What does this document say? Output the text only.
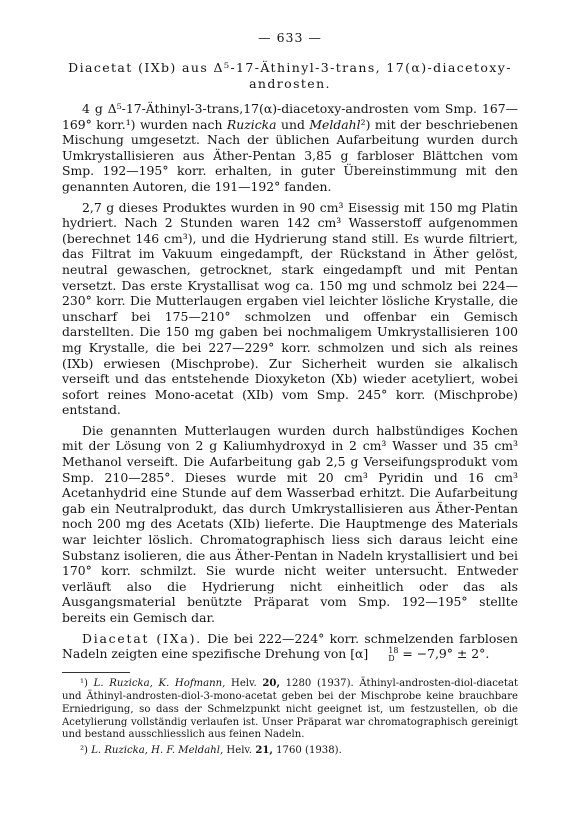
— 633 —
Diacetat (IXb) aus Δ⁵-17-Äthinyl-3-trans, 17(α)-diacetoxy-
androsten.

4 g Δ⁵-17-Äthinyl-3-trans,17(α)-diacetoxy-androsten vom Smp. 167—169° korr.¹) wurden nach Ruzicka und Meldahl²) mit der beschriebenen Mischung umgesetzt. Nach der üblichen Aufarbeitung wurden durch Umkrystallisieren aus Äther-Pentan 3,85 g farbloser Blättchen vom Smp. 192—195° korr. erhalten, in guter Übereinstimmung mit den genannten Autoren, die 191—192° fanden.

2,7 g dieses Produktes wurden in 90 cm³ Eisessig mit 150 mg Platin hydriert. Nach 2 Stunden waren 142 cm³ Wasserstoff aufgenommen (berechnet 146 cm³), und die Hydrierung stand still. Es wurde filtriert, das Filtrat im Vakuum eingedampft, der Rückstand in Äther gelöst, neutral gewaschen, getrocknet, stark eingedampft und mit Pentan versetzt. Das erste Krystallisat wog ca. 150 mg und schmolz bei 224—230° korr. Die Mutterlaugen ergaben viel leichter lösliche Krystalle, die unscharf bei 175—210° schmolzen und offenbar ein Gemisch darstellten. Die 150 mg gaben bei nochmaligem Umkrystallisieren 100 mg Krystalle, die bei 227—229° korr. schmolzen und sich als reines (IXb) erwiesen (Mischprobe). Zur Sicherheit wurden sie alkalisch verseift und das entstehende Dioxyketon (Xb) wieder acetyliert, wobei sofort reines Mono-acetat (XIb) vom Smp. 245° korr. (Mischprobe) entstand.

Die genannten Mutterlaugen wurden durch halbstündiges Kochen mit der Lösung von 2 g Kaliumhydroxyd in 2 cm³ Wasser und 35 cm³ Methanol verseift. Die Aufarbeitung gab 2,5 g Verseifungsprodukt vom Smp. 210—285°. Dieses wurde mit 20 cm³ Pyridin und 16 cm³ Acetanhydrid eine Stunde auf dem Wasserbad erhitzt. Die Aufarbeitung gab ein Neutralprodukt, das durch Umkrystallisieren aus Äther-Pentan noch 200 mg des Acetats (XIb) lieferte. Die Hauptmenge des Materials war leichter löslich. Chromatographisch liess sich daraus leicht eine Substanz isolieren, die aus Äther-Pentan in Nadeln krystallisiert und bei 170° korr. schmilzt. Sie wurde nicht weiter untersucht. Entweder verläuft also die Hydrierung nicht einheitlich oder das als Ausgangsmaterial benützte Präparat vom Smp. 192—195° stellte bereits ein Gemisch dar.

Diacetat (IXa). Die bei 222—224° korr. schmelzenden farblosen Nadeln zeigten eine spezifische Drehung von [α]	18
D = −7,9° ± 2°.

¹) L. Ruzicka, K. Hofmann, Helv. 20, 1280 (1937). Äthinyl-androsten-diol-diacetat und Äthinyl-androsten-diol-3-mono-acetat geben bei der Mischprobe keine brauchbare Erniedrigung, so dass der Schmelzpunkt nicht geeignet ist, um festzustellen, ob die Acetylierung vollständig verlaufen ist. Unser Präparat war chromatographisch gereinigt und bestand ausschliesslich aus feinen Nadeln.

²) L. Ruzicka, H. F. Meldahl, Helv. 21, 1760 (1938).
